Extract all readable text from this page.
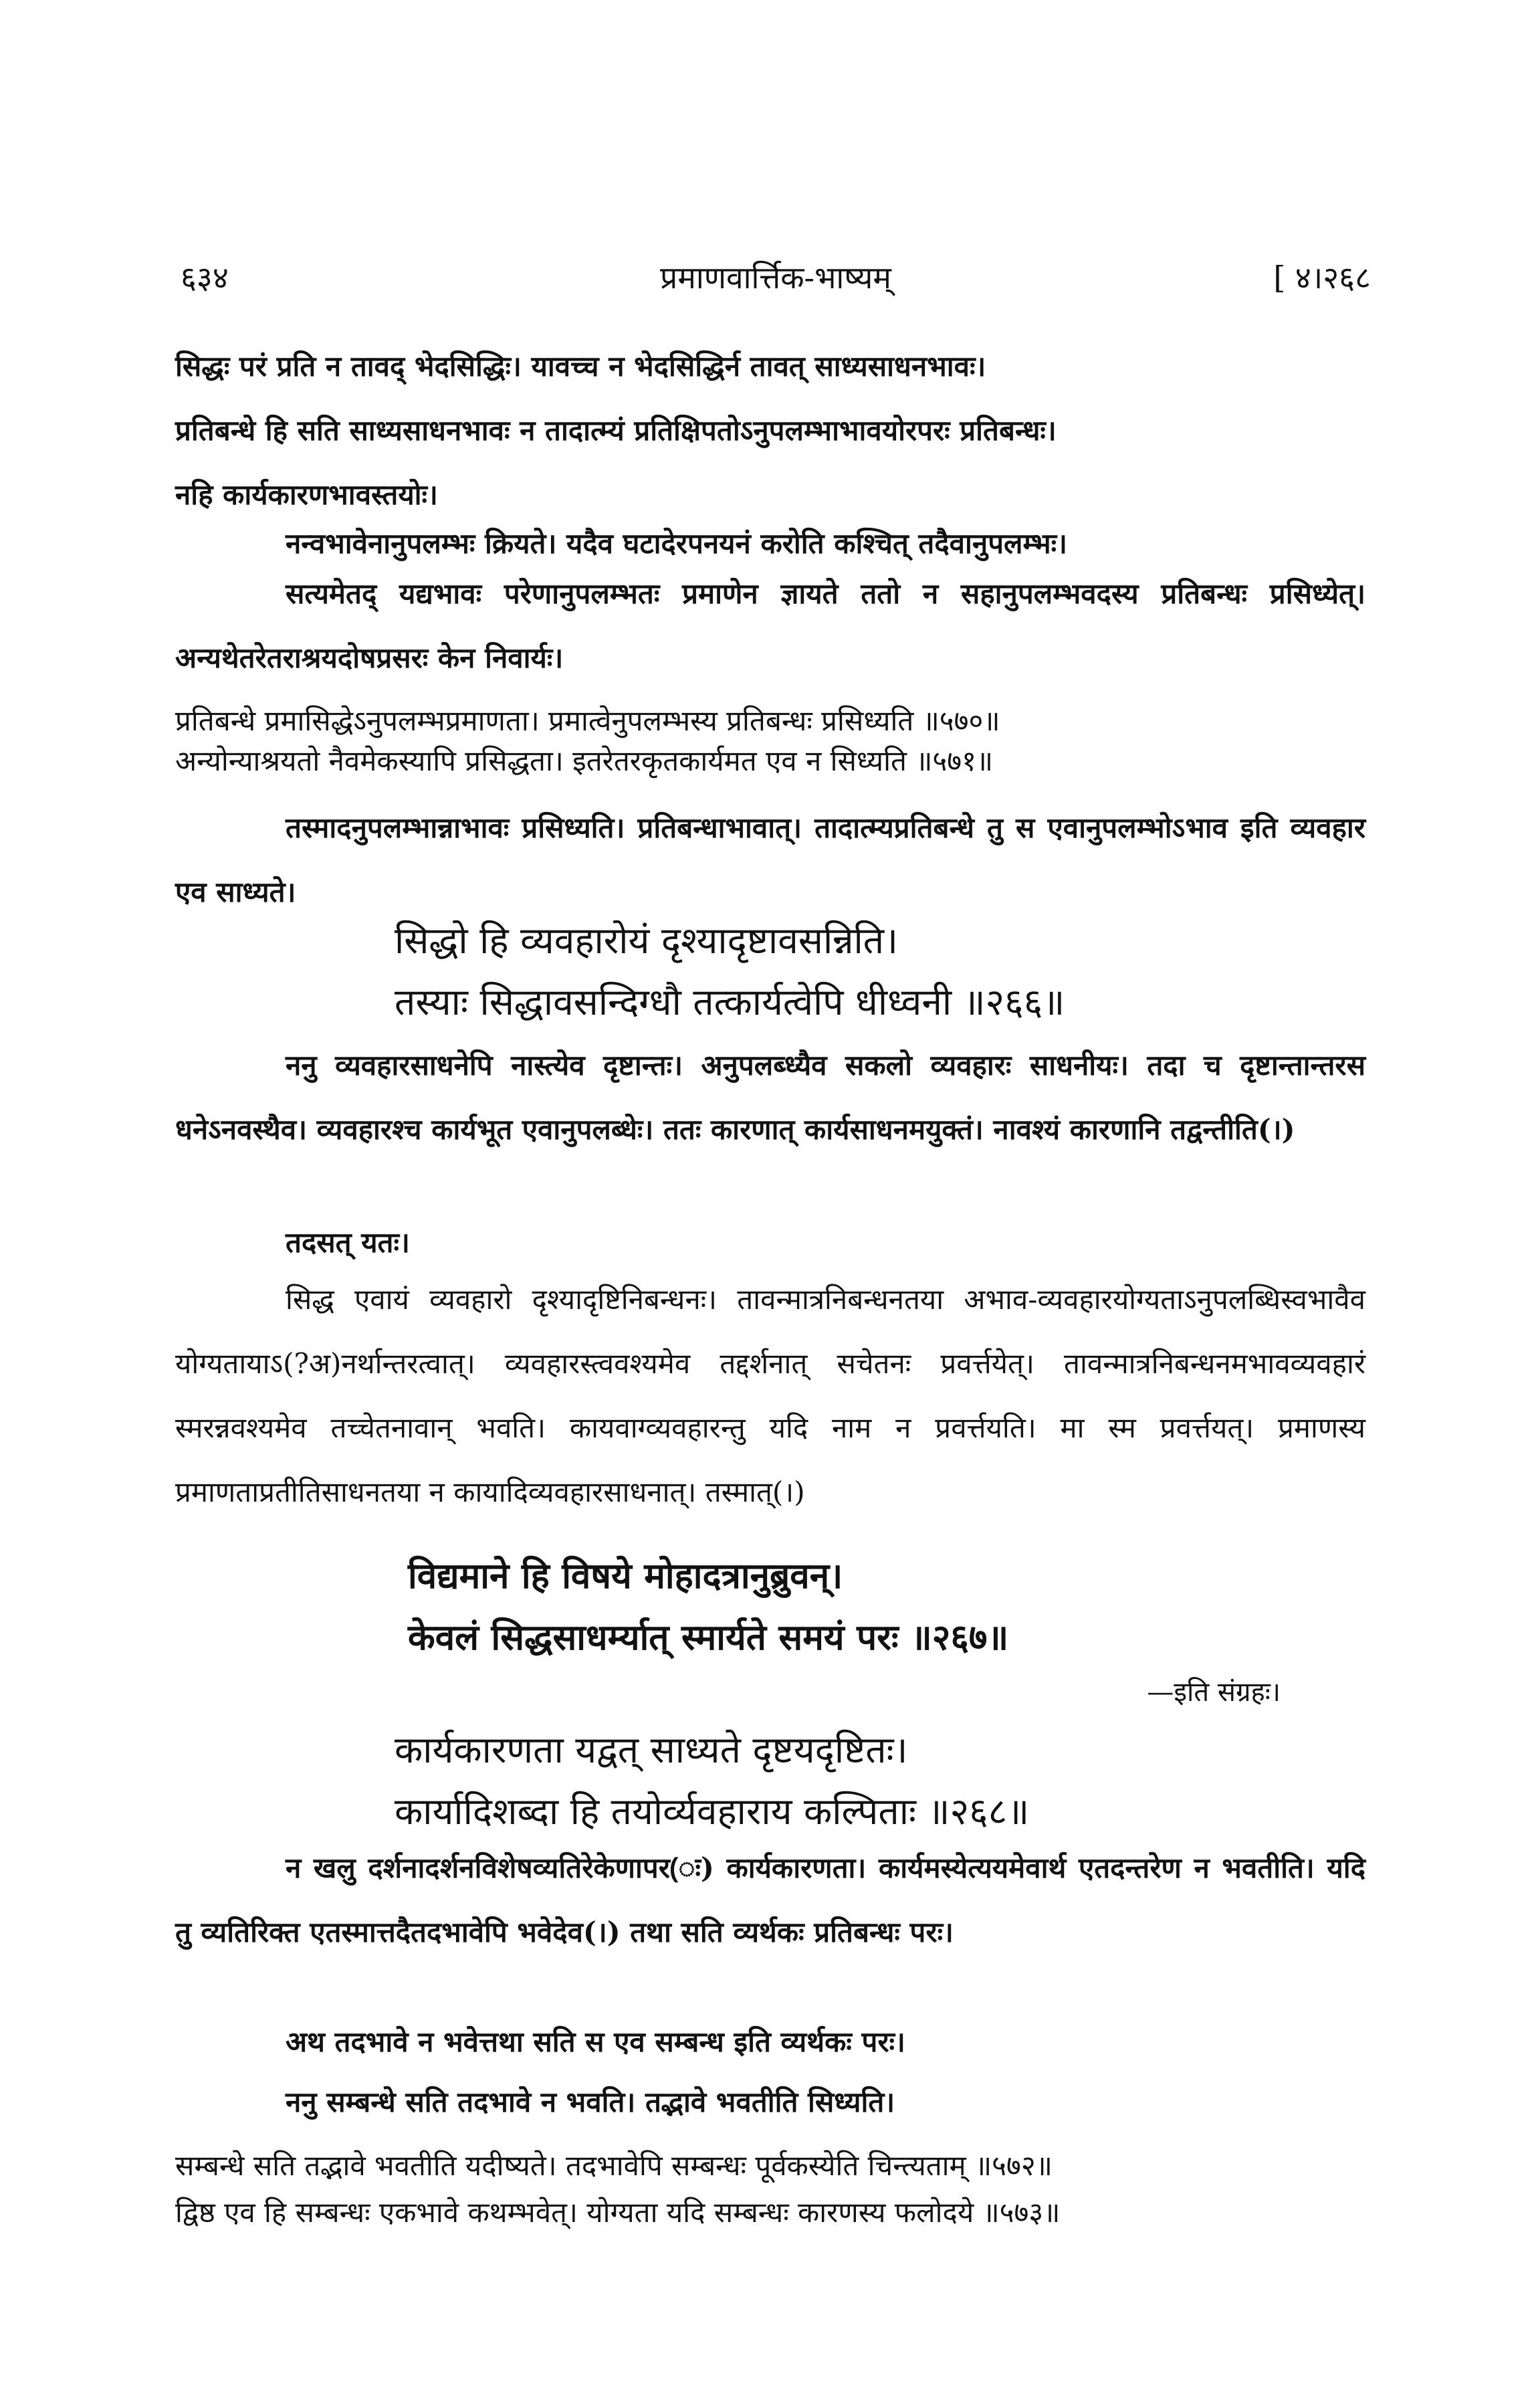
६३४	प्रमाणवार्त्तिक-भाष्यम्	[ ४।२६८

सिद्धः परं प्रति न तावद् भेदसिद्धिः। यावच्च न भेदसिद्धिर्न तावत् साध्यसाधनभावः।
प्रतिबन्धे हि सति साध्यसाधनभावः न तादात्म्यं प्रतिक्षिपतोऽनुपलम्भाभावयोरपरः प्रतिबन्धः।
नहि कार्यकारणभावस्तयोः।

नन्वभावेनानुपलम्भः क्रियते। यदैव घटादेरपनयनं करोति कश्चित् तदैवानुपलम्भः।

सत्यमेतद् यद्यभावः परेणानुपलम्भतः प्रमाणेन ज्ञायते ततो न सहानुपलम्भवदस्य प्रतिबन्धः प्रसिध्येत्। अन्यथेतरेतराश्रयदोषप्रसरः केन निवार्यः।

प्रतिबन्धे प्रमासिद्धेऽनुपलम्भप्रमाणता। प्रमात्वेनुपलम्भस्य प्रतिबन्धः प्रसिध्यति ॥५७०॥

अन्योन्याश्रयतो नैवमेकस्यापि प्रसिद्धता। इतरेतरकृतकार्यमत एव न सिध्यति ॥५७१॥

तस्मादनुपलम्भान्नाभावः प्रसिध्यति। प्रतिबन्धाभावात्। तादात्म्यप्रतिबन्धे तु स एवानुपलम्भोऽभाव इति व्यवहार एव साध्यते।

सिद्धो हि व्यवहारोयं दृश्यादृष्टावसन्निति।
तस्याः सिद्धावसन्दिग्धौ तत्कार्यत्वेपि धीध्वनी ॥२६६॥

ननु व्यवहारसाधनेपि नास्त्येव दृष्टान्तः। अनुपलब्ध्यैव सकलो व्यवहारः साधनीयः। तदा च दृष्टान्तान्तरस धनेऽनवस्थैव। व्यवहारश्च कार्यभूत एवानुपलब्धेः। ततः कारणात् कार्यसाधनमयुक्तं। नावश्यं कारणानि तद्वन्तीति(।)

तदसत् यतः।

सिद्ध एवायं व्यवहारो दृश्यादृष्टिनिबन्धनः। तावन्मात्रनिबन्धनतया अभाव-व्यवहारयोग्यताऽनुपलब्धिस्वभावैव योग्यतायाऽ(?अ)नर्थान्तरत्वात्। व्यवहारस्त्ववश्यमेव तद्दर्शनात् सचेतनः प्रवर्त्तयेत्। तावन्मात्रनिबन्धनमभावव्यवहारं स्मरन्नवश्यमेव तच्चेतनावान् भवति। कायवाग्व्यवहारन्तु यदि नाम न प्रवर्त्तयति। मा स्म प्रवर्त्तयत्। प्रमाणस्य प्रमाणताप्रतीतिसाधनतया न कायादिव्यवहारसाधनात्। तस्मात्(।)

विद्यमाने हि विषये मोहादत्रानुब्रुवन्।
केवलं सिद्धसाधर्म्यात् स्मार्यते समयं परः ॥२६७॥

—इति संग्रहः।

कार्यकारणता यद्वत् साध्यते दृष्टयदृष्टितः।
कार्यादिशब्दा हि तयोर्व्यवहाराय कल्पिताः ॥२६८॥

न खलु दर्शनादर्शनविशेषव्यतिरेकेणापर(ः) कार्यकारणता। कार्यमस्येत्ययमेवार्थ एतदन्तरेण न भवतीति। यदि तु व्यतिरिक्त एतस्मात्तदैतदभावेपि भवेदेव(।) तथा सति व्यर्थकः प्रतिबन्धः परः।

अथ तदभावे न भवेत्तथा सति स एव सम्बन्ध इति व्यर्थकः परः।

ननु सम्बन्धे सति तदभावे न भवति। तद्भावे भवतीति सिध्यति।

सम्बन्धे सति तद्भावे भवतीति यदीष्यते। तदभावेपि सम्बन्धः पूर्वकस्येति चिन्त्यताम् ॥५७२॥

द्विष्ठ एव हि सम्बन्धः एकभावे कथम्भवेत्। योग्यता यदि सम्बन्धः कारणस्य फलोदये ॥५७३॥
